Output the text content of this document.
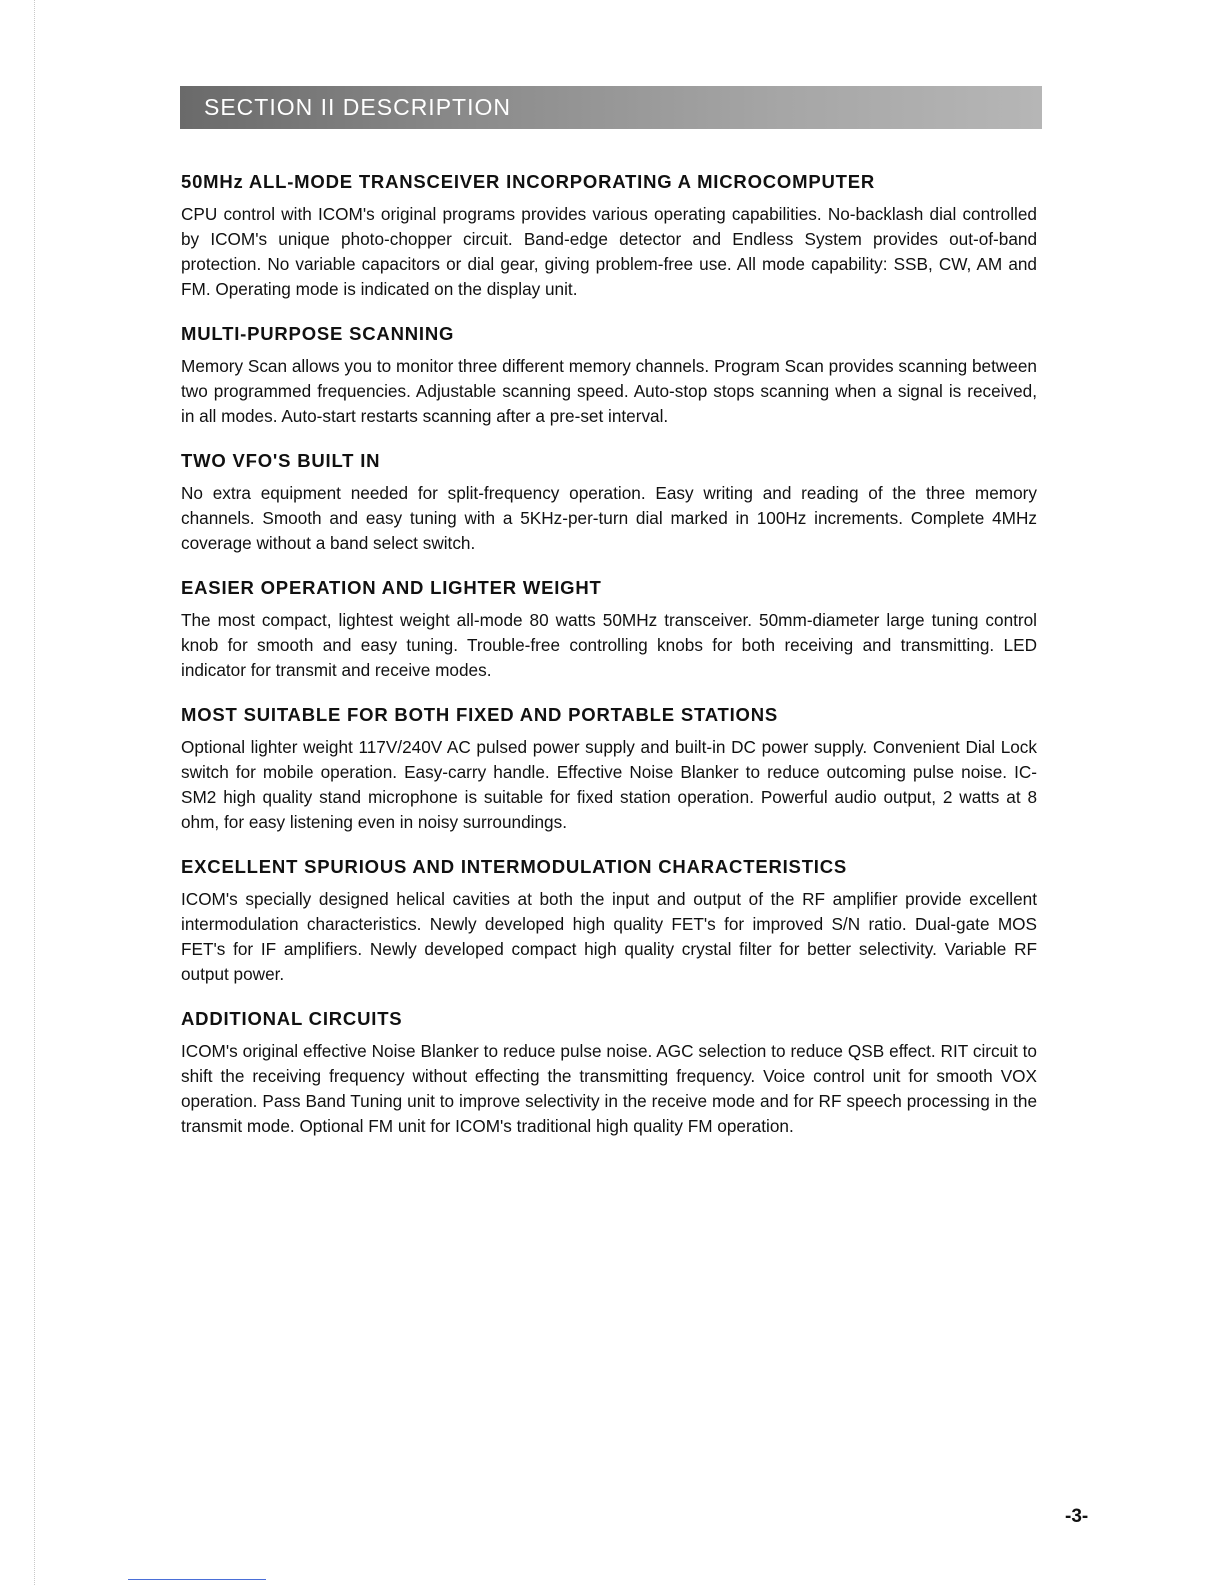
SECTION II DESCRIPTION
50MHz ALL-MODE TRANSCEIVER INCORPORATING A MICROCOMPUTER

CPU control with ICOM's original programs provides various operating capabilities. No-backlash dial controlled by ICOM's unique photo-chopper circuit. Band-edge detector and Endless System provides out-of-band protection. No variable capacitors or dial gear, giving problem-free use. All mode capability: SSB, CW, AM and FM. Operating mode is indicated on the display unit.

MULTI-PURPOSE SCANNING

Memory Scan allows you to monitor three different memory channels. Program Scan provides scanning between two programmed frequencies. Adjustable scanning speed. Auto-stop stops scanning when a signal is received, in all modes. Auto-start restarts scanning after a pre-set interval.

TWO VFO'S BUILT IN

No extra equipment needed for split-frequency operation. Easy writing and reading of the three memory channels. Smooth and easy tuning with a 5KHz-per-turn dial marked in 100Hz increments. Complete 4MHz coverage without a band select switch.

EASIER OPERATION AND LIGHTER WEIGHT

The most compact, lightest weight all-mode 80 watts 50MHz transceiver. 50mm-diameter large tuning control knob for smooth and easy tuning. Trouble-free controlling knobs for both receiving and transmitting. LED indicator for transmit and receive modes.

MOST SUITABLE FOR BOTH FIXED AND PORTABLE STATIONS

Optional lighter weight 117V/240V AC pulsed power supply and built-in DC power supply. Convenient Dial Lock switch for mobile operation. Easy-carry handle. Effective Noise Blanker to reduce outcoming pulse noise. IC-SM2 high quality stand microphone is suitable for fixed station operation. Powerful audio output, 2 watts at 8 ohm, for easy listening even in noisy surroundings.

EXCELLENT SPURIOUS AND INTERMODULATION CHARACTERISTICS

ICOM's specially designed helical cavities at both the input and output of the RF amplifier provide excellent intermodulation characteristics. Newly developed high quality FET's for improved S/N ratio. Dual-gate MOS FET's for IF amplifiers. Newly developed compact high quality crystal filter for better selectivity. Variable RF output power.

ADDITIONAL CIRCUITS

ICOM's original effective Noise Blanker to reduce pulse noise. AGC selection to reduce QSB effect. RIT circuit to shift the receiving frequency without effecting the transmitting frequency. Voice control unit for smooth VOX operation. Pass Band Tuning unit to improve selectivity in the receive mode and for RF speech processing in the transmit mode. Optional FM unit for ICOM's traditional high quality FM operation.

-3-
